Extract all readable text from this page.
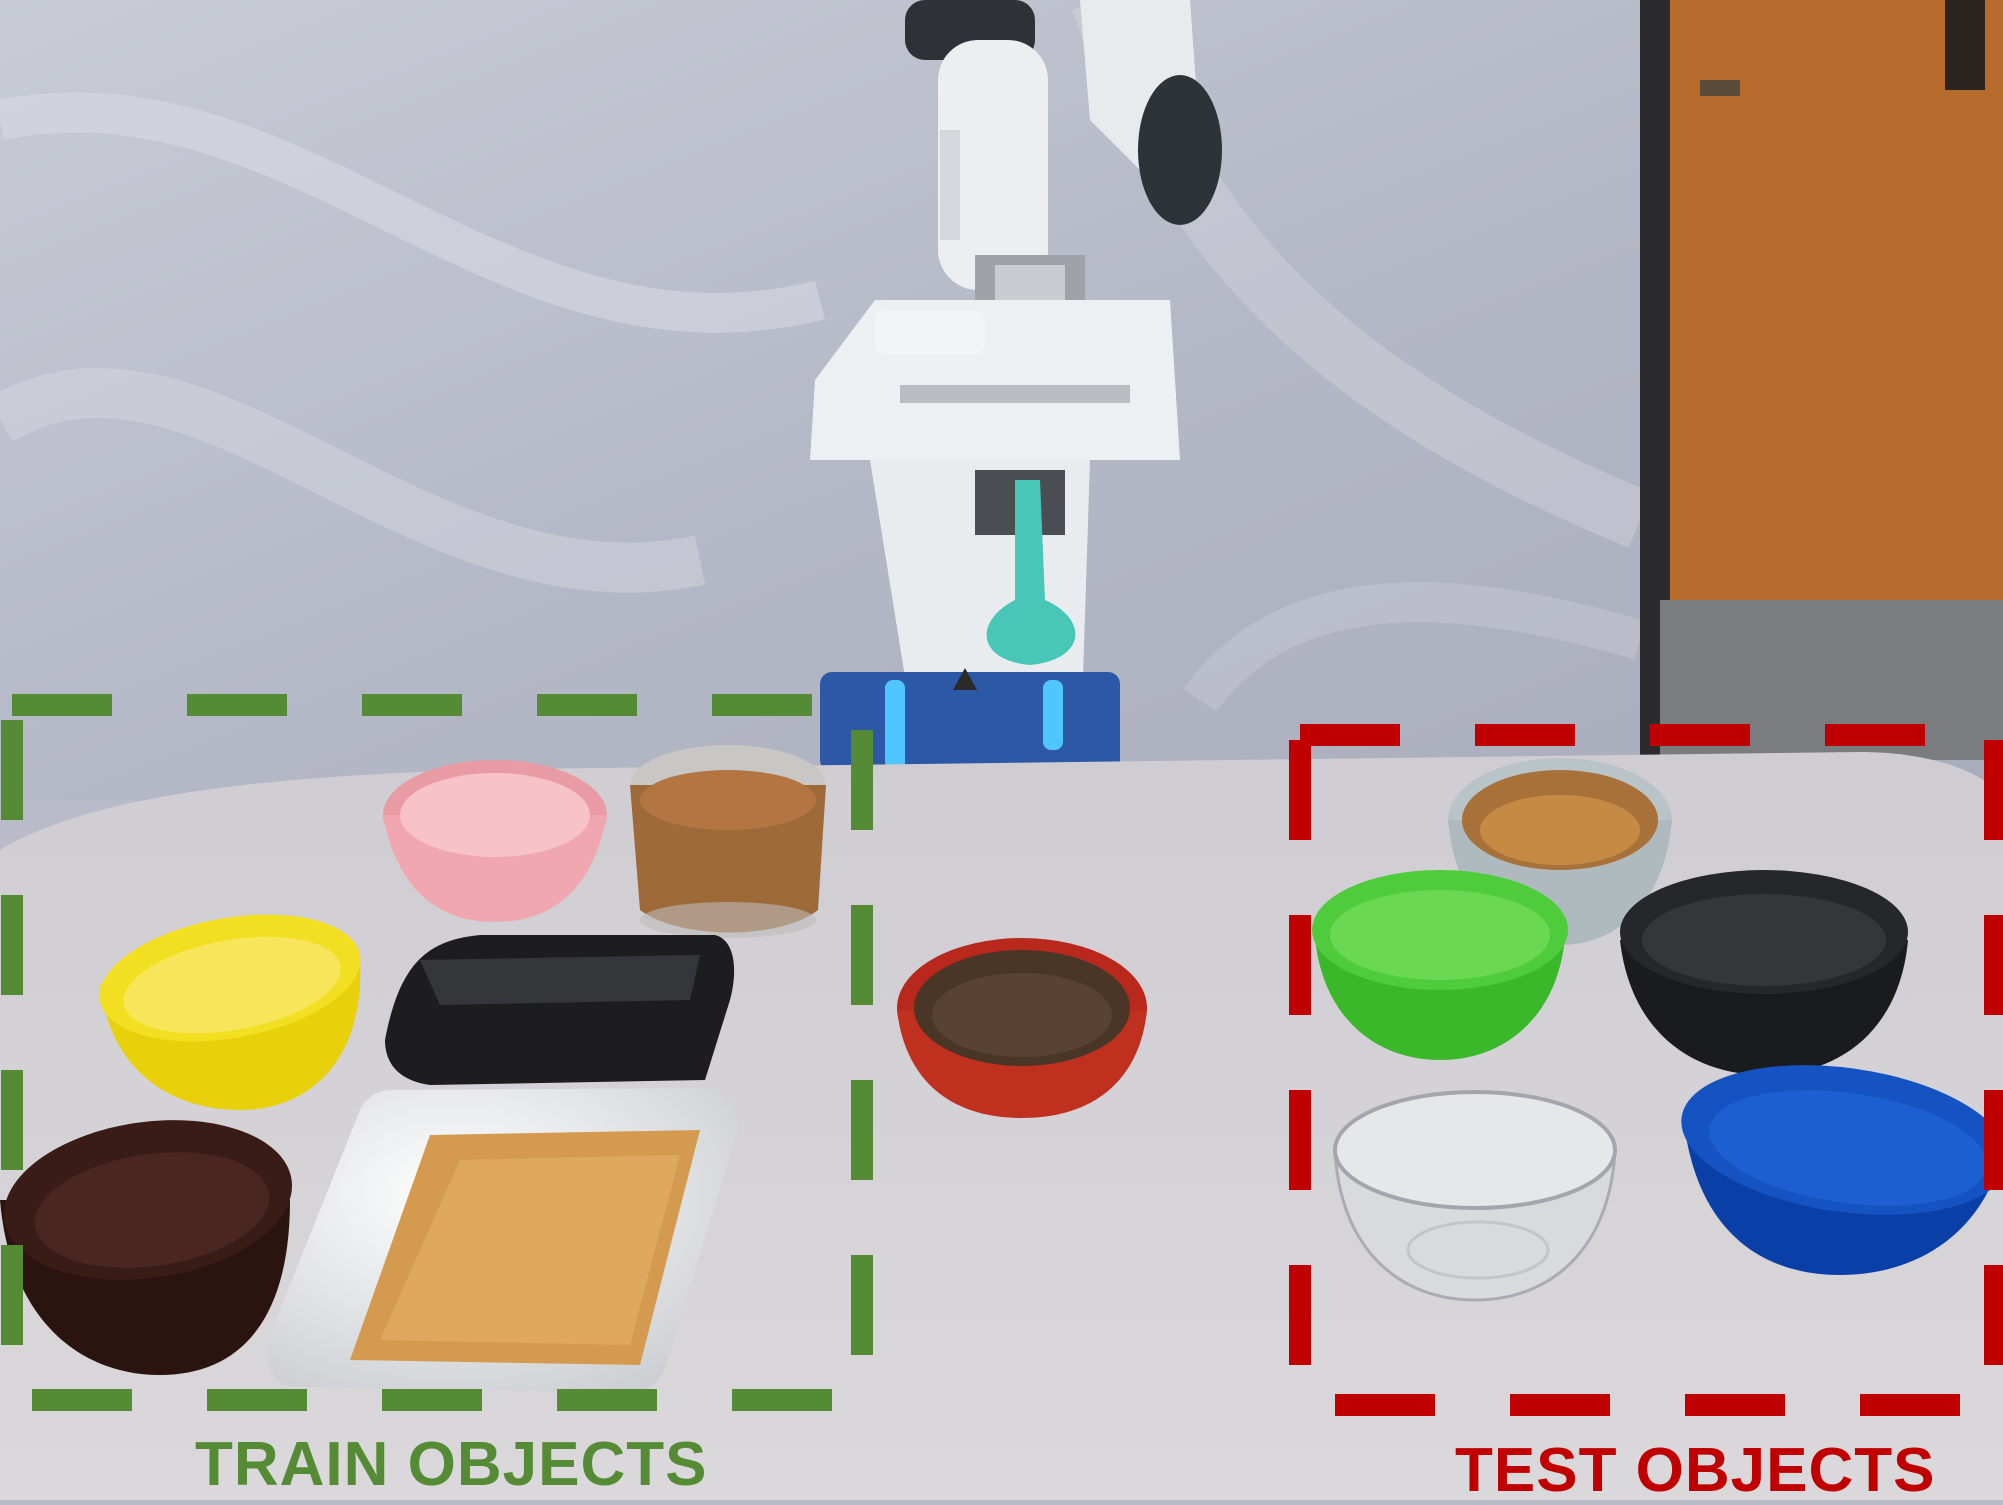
TRAIN OBJECTS	TEST OBJECTS
